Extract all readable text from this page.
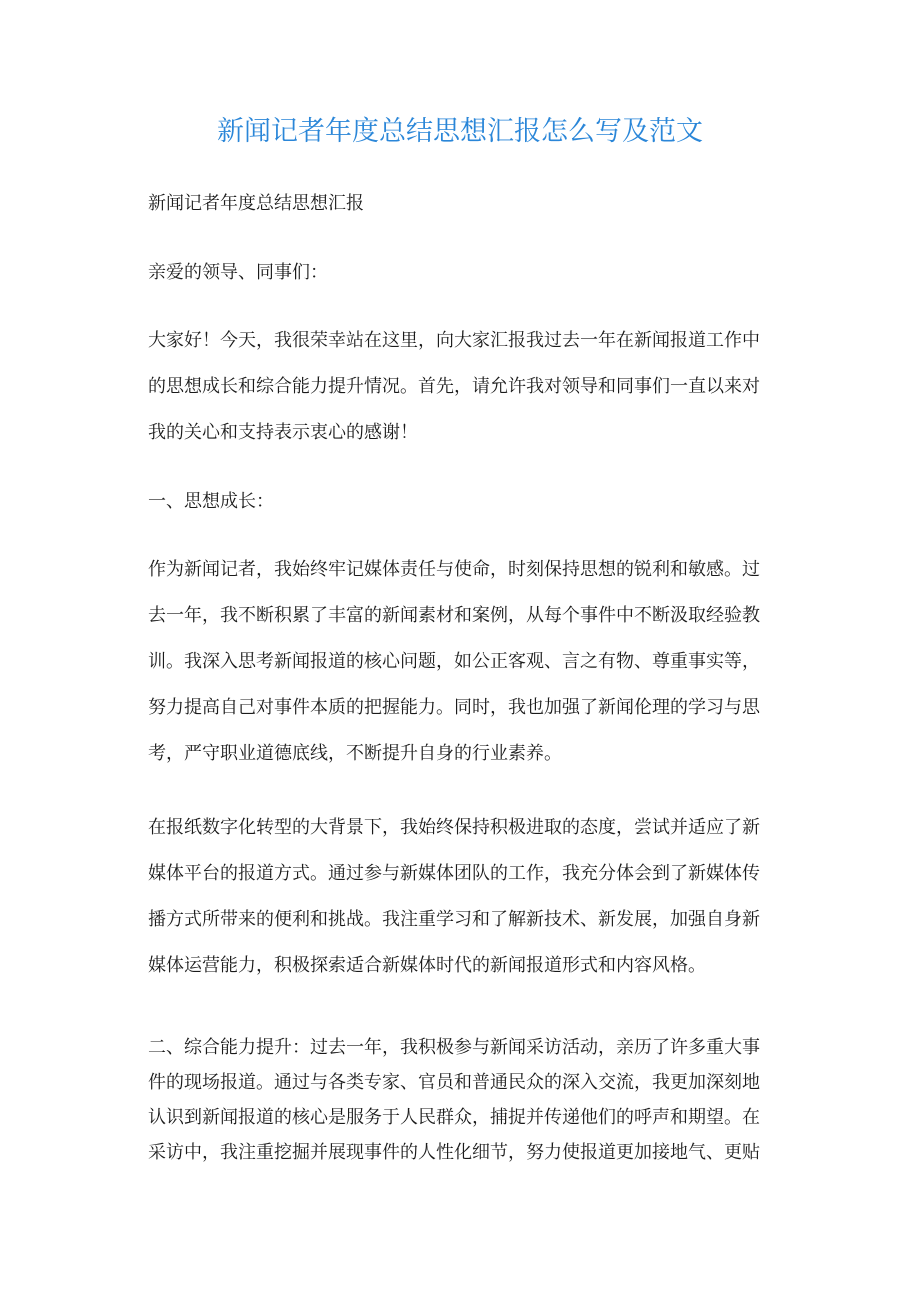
新闻记者年度总结思想汇报怎么写及范文

新闻记者年度总结思想汇报

亲爱的领导、同事们：

大家好！今天，我很荣幸站在这里，向大家汇报我过去一年在新闻报道工作中
的思想成长和综合能力提升情况。首先，请允许我对领导和同事们一直以来对
我的关心和支持表示衷心的感谢！

一、思想成长：

作为新闻记者，我始终牢记媒体责任与使命，时刻保持思想的锐利和敏感。过
去一年，我不断积累了丰富的新闻素材和案例，从每个事件中不断汲取经验教
训。我深入思考新闻报道的核心问题，如公正客观、言之有物、尊重事实等，
努力提高自己对事件本质的把握能力。同时，我也加强了新闻伦理的学习与思
考，严守职业道德底线，不断提升自身的行业素养。

在报纸数字化转型的大背景下，我始终保持积极进取的态度，尝试并适应了新
媒体平台的报道方式。通过参与新媒体团队的工作，我充分体会到了新媒体传
播方式所带来的便利和挑战。我注重学习和了解新技术、新发展，加强自身新
媒体运营能力，积极探索适合新媒体时代的新闻报道形式和内容风格。

二、综合能力提升：过去一年，我积极参与新闻采访活动，亲历了许多重大事
件的现场报道。通过与各类专家、官员和普通民众的深入交流，我更加深刻地
认识到新闻报道的核心是服务于人民群众，捕捉并传递他们的呼声和期望。在
采访中，我注重挖掘并展现事件的人性化细节，努力使报道更加接地气、更贴
